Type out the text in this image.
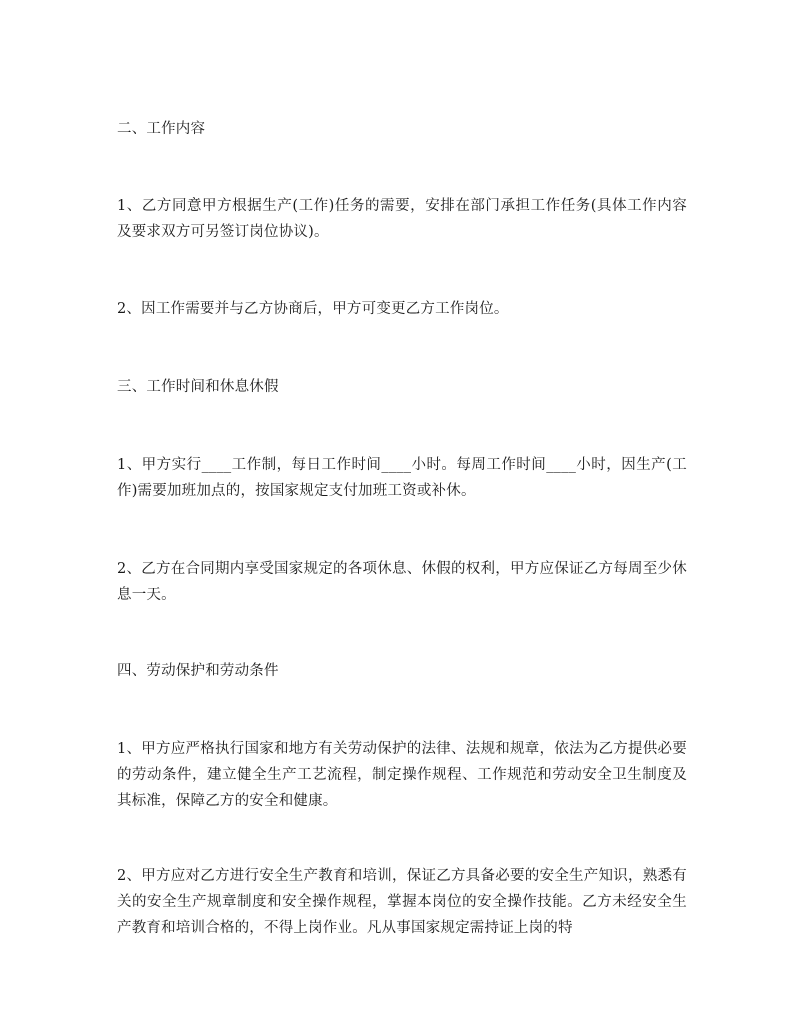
二、工作内容

1、乙方同意甲方根据生产(工作)任务的需要，安排在部门承担工作任务(具体工作内容及要求双方可另签订岗位协议)。

2、因工作需要并与乙方协商后，甲方可变更乙方工作岗位。

三、工作时间和休息休假

1、甲方实行____工作制，每日工作时间____小时。每周工作时间____小时，因生产(工作)需要加班加点的，按国家规定支付加班工资或补休。

2、乙方在合同期内享受国家规定的各项休息、休假的权利，甲方应保证乙方每周至少休息一天。

四、劳动保护和劳动条件

1、甲方应严格执行国家和地方有关劳动保护的法律、法规和规章，依法为乙方提供必要的劳动条件，建立健全生产工艺流程，制定操作规程、工作规范和劳动安全卫生制度及其标准，保障乙方的安全和健康。

2、甲方应对乙方进行安全生产教育和培训，保证乙方具备必要的安全生产知识，熟悉有关的安全生产规章制度和安全操作规程，掌握本岗位的安全操作技能。乙方未经安全生产教育和培训合格的，不得上岗作业。凡从事国家规定需持证上岗的特
